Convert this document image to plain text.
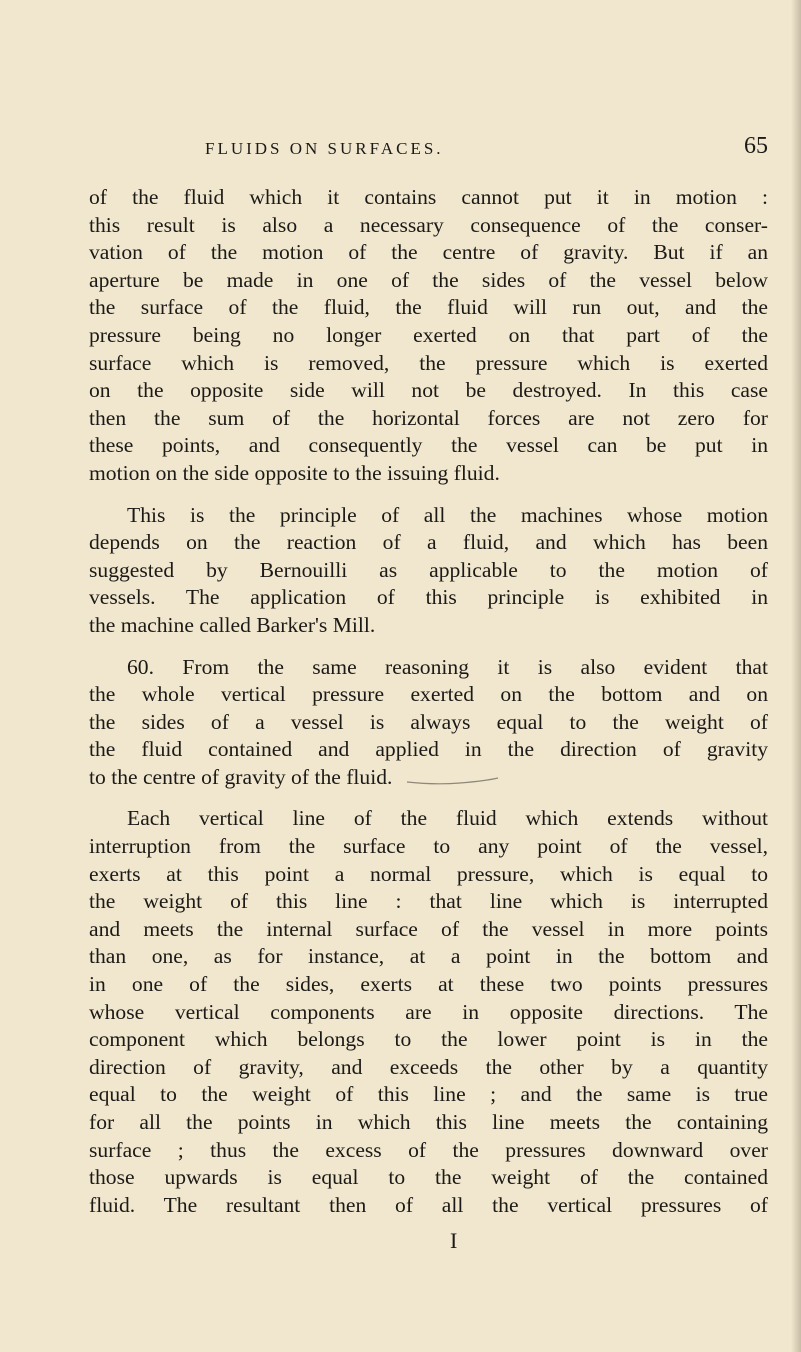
FLUIDS ON SURFACES.	65

of the fluid which it contains cannot put it in motion :

this result is also a necessary consequence of the conser-

vation of the motion of the centre of gravity. But if an

aperture be made in one of the sides of the vessel below

the surface of the fluid, the fluid will run out, and the

pressure being no longer exerted on that part of the

surface which is removed, the pressure which is exerted

on the opposite side will not be destroyed. In this case

then the sum of the horizontal forces are not zero for

these points, and consequently the vessel can be put in

motion on the side opposite to the issuing fluid.

This is the principle of all the machines whose motion

depends on the reaction of a fluid, and which has been

suggested by Bernouilli as applicable to the motion of

vessels. The application of this principle is exhibited in

the machine called Barker's Mill.

60. From the same reasoning it is also evident that

the whole vertical pressure exerted on the bottom and on

the sides of a vessel is always equal to the weight of

the fluid contained and applied in the direction of gravity

to the centre of gravity of the fluid.

Each vertical line of the fluid which extends without

interruption from the surface to any point of the vessel,

exerts at this point a normal pressure, which is equal to

the weight of this line : that line which is interrupted

and meets the internal surface of the vessel in more points

than one, as for instance, at a point in the bottom and

in one of the sides, exerts at these two points pressures

whose vertical components are in opposite directions. The

component which belongs to the lower point is in the

direction of gravity, and exceeds the other by a quantity

equal to the weight of this line ; and the same is true

for all the points in which this line meets the containing

surface ; thus the excess of the pressures downward over

those upwards is equal to the weight of the contained

fluid. The resultant then of all the vertical pressures of

I
